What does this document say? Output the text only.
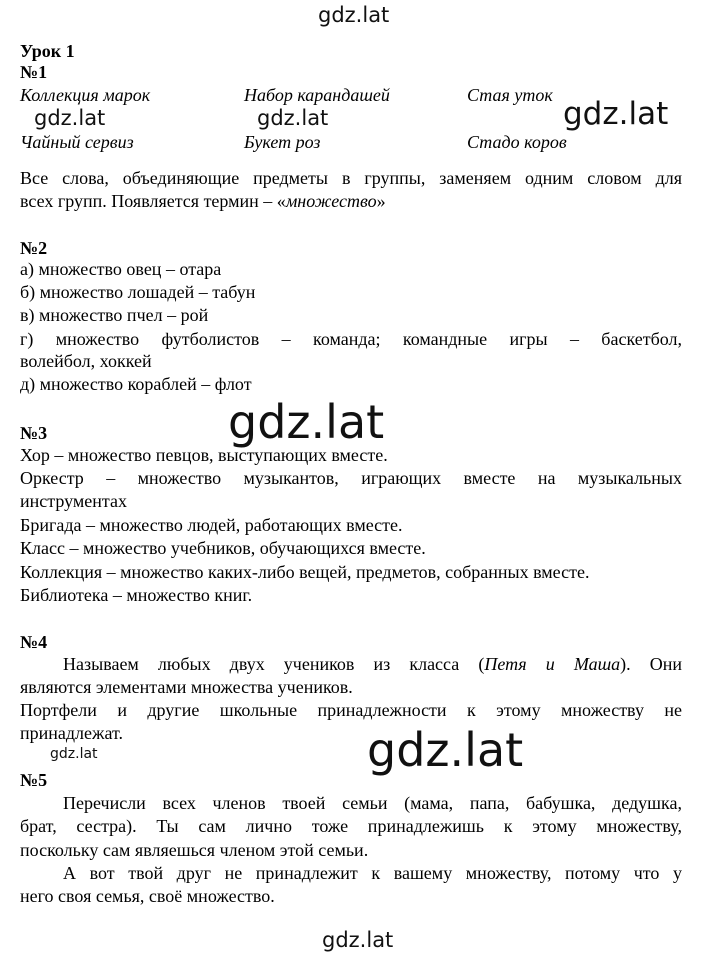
gdz.lat
gdz.lat	gdz.lat	gdz.lat
gdz.lat
gdz.lat	gdz.lat
gdz.lat
Урок 1
№1
Коллекция марок	Набор карандашей	Стая уток
Чайный сервиз	Букет роз	Стадо коров
Все слова, объединяющие предметы в группы, заменяем одним словом для
всех групп. Появляется термин – «множество»
№2
а) множество овец – отара
б) множество лошадей – табун
в) множество пчел – рой
г) множество футболистов – команда; командные игры – баскетбол,
волейбол, хоккей
д) множество кораблей – флот
№3
Хор – множество певцов, выступающих вместе.
Оркестр – множество музыкантов, играющих вместе на музыкальных
инструментах
Бригада – множество людей, работающих вместе.
Класс – множество учебников, обучающихся вместе.
Коллекция – множество каких-либо вещей, предметов, собранных вместе.
Библиотека – множество книг.
№4
Называем любых двух учеников из класса (Петя и Маша). Они
являются элементами множества учеников.
Портфели и другие школьные принадлежности к этому множеству не
принадлежат.
№5
Перечисли всех членов твоей семьи (мама, папа, бабушка, дедушка,
брат, сестра). Ты сам лично тоже принадлежишь к этому множеству,
поскольку сам являешься членом этой семьи.
А вот твой друг не принадлежит к вашему множеству, потому что у
него своя семья, своё множество.
